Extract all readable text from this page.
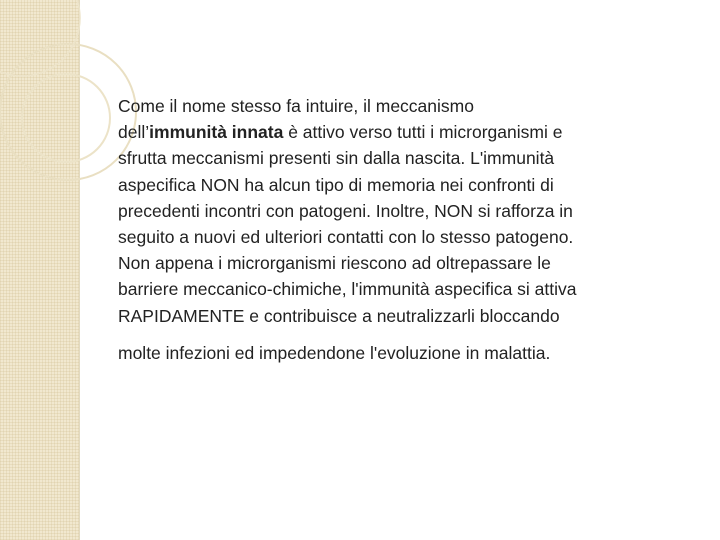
Come il nome stesso fa intuire, il meccanismo
dell’immunità innata è attivo verso tutti i microrganismi e
sfrutta meccanismi presenti sin dalla nascita. L'immunità
aspecifica NON ha alcun tipo di memoria nei confronti di
precedenti incontri con patogeni. Inoltre, NON si rafforza in
seguito a nuovi ed ulteriori contatti con lo stesso patogeno.
Non appena i microrganismi riescono ad oltrepassare le
barriere meccanico-chimiche, l'immunità aspecifica si attiva
RAPIDAMENTE e contribuisce a neutralizzarli bloccando

molte infezioni ed impedendone l'evoluzione in malattia.
